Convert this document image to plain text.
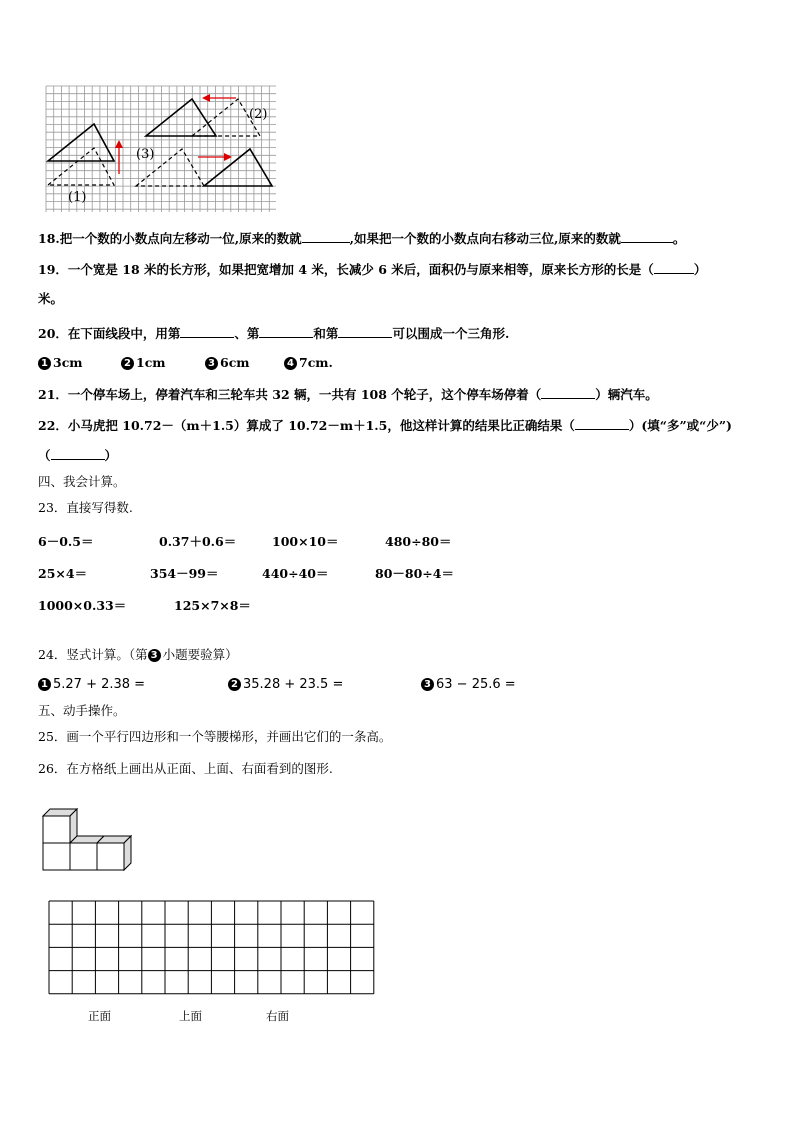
(1)
(2)
(3)
18.把一个数的小数点向左移动一位,原来的数就	,如果把一个数的小数点向右移动三位,原来的数就	。
19．一个宽是 18 米的长方形，如果把宽增加 4 米，长减少 6 米后，面积仍与原来相等，原来长方形的长是（	）
米。
20．在下面线段中，用第	、第	和第	可以围成一个三角形.
1 3cm	2 1cm	3 6cm	4 7cm.
21．一个停车场上，停着汽车和三轮车共 32 辆，一共有 108 个轮子，这个停车场停着（	）辆汽车。
22．小马虎把 10.72－（m＋1.5）算成了 10.72－m＋1.5，他这样计算的结果比正确结果（	）(填“多”或“少”)
（	）
四、我会计算。
23．直接写得数.
6－0.5＝	0.37＋0.6＝	100×10＝	480÷80＝
25×4＝	354－99＝	440÷40＝	80－80÷4＝
1000×0.33＝	125×7×8＝
24．竖式计算。（第 3 小题要验算）
1 5.27 + 2.38 =	2 35.28 + 23.5 =	3 63 − 25.6 =
五、动手操作。
25．画一个平行四边形和一个等腰梯形，并画出它们的一条高。
26．在方格纸上画出从正面、上面、右面看到的图形.
正面	上面	右面
